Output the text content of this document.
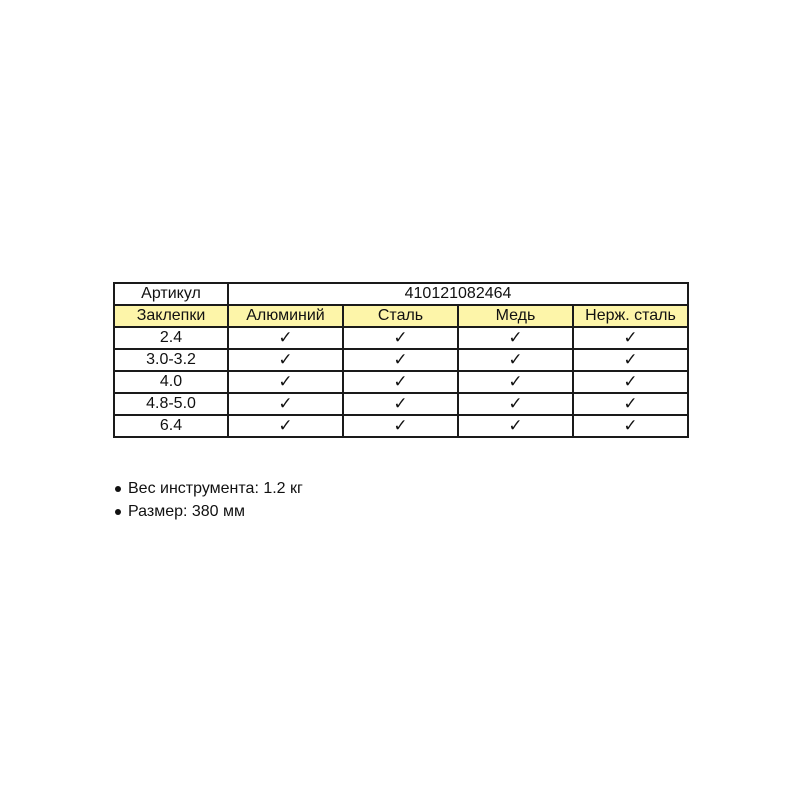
Артикул	410121082464			
Заклепки	Алюминий	Сталь	Медь	Нерж. сталь
2.4	✓	✓	✓	✓
3.0-3.2	✓	✓	✓	✓
4.0	✓	✓	✓	✓
4.8-5.0	✓	✓	✓	✓
6.4	✓	✓	✓	✓
Вес инструмента: 1.2 кг
Размер: 380 мм
